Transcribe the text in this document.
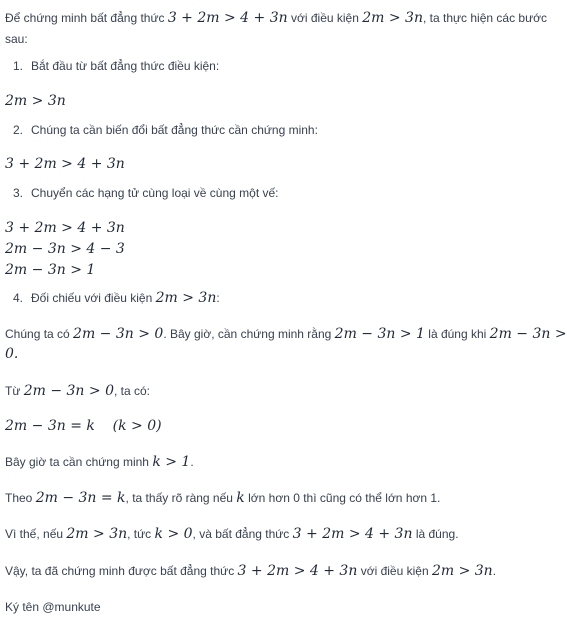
Để chứng minh bất đẳng thức 3 + 2m > 4 + 3n với điều kiện 2m > 3n, ta thực hiện các bước
sau:
1. Bắt đầu từ bất đẳng thức điều kiện:
2m > 3n
2. Chúng ta cần biến đổi bất đẳng thức cần chứng minh:
3 + 2m > 4 + 3n
3. Chuyển các hạng tử cùng loại về cùng một vế:
3 + 2m > 4 + 3n
2m − 3n > 4 − 3
2m − 3n > 1
4. Đối chiếu với điều kiện 2m > 3n:
Chúng ta có 2m − 3n > 0. Bây giờ, cần chứng minh rằng 2m − 3n > 1 là đúng khi 2m − 3n >
0.
Từ 2m − 3n > 0, ta có:
2m − 3n = k    (k > 0)
Bây giờ ta cần chứng minh k > 1.
Theo 2m − 3n = k, ta thấy rõ ràng nếu k lớn hơn 0 thì cũng có thể lớn hơn 1.
Vì thế, nếu 2m > 3n, tức k > 0, và bất đẳng thức 3 + 2m > 4 + 3n là đúng.
Vậy, ta đã chứng minh được bất đẳng thức 3 + 2m > 4 + 3n với điều kiện 2m > 3n.
Ký tên @munkute
